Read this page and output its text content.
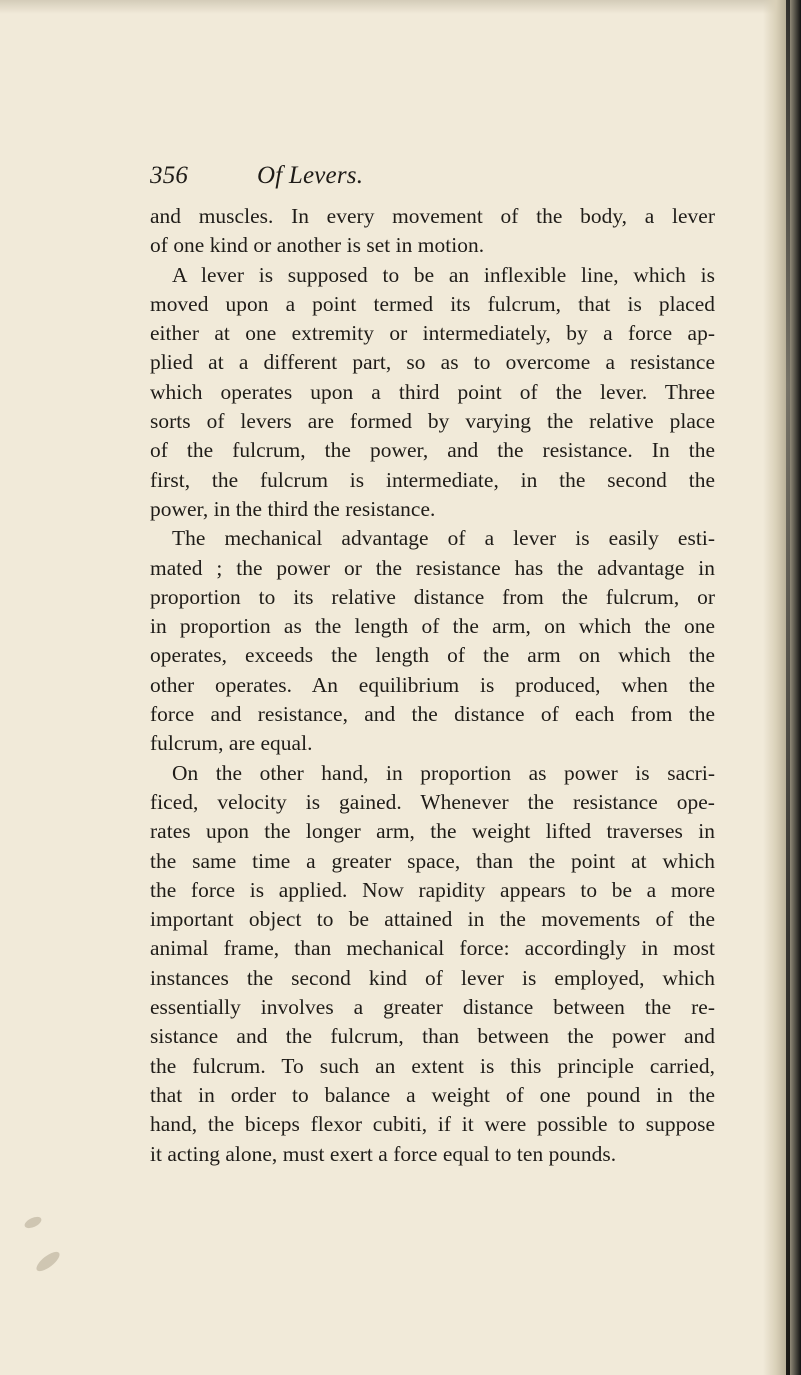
356	Of Levers.
and muscles. In every movement of the body, a lever
of one kind or another is set in motion.
A lever is supposed to be an inflexible line, which is
moved upon a point termed its fulcrum, that is placed
either at one extremity or intermediately, by a force ap-
plied at a different part, so as to overcome a resistance
which operates upon a third point of the lever. Three
sorts of levers are formed by varying the relative place
of the fulcrum, the power, and the resistance. In the
first, the fulcrum is intermediate, in the second the
power, in the third the resistance.
The mechanical advantage of a lever is easily esti-
mated ; the power or the resistance has the advantage in
proportion to its relative distance from the fulcrum, or
in proportion as the length of the arm, on which the one
operates, exceeds the length of the arm on which the
other operates. An equilibrium is produced, when the
force and resistance, and the distance of each from the
fulcrum, are equal.
On the other hand, in proportion as power is sacri-
ficed, velocity is gained. Whenever the resistance ope-
rates upon the longer arm, the weight lifted traverses in
the same time a greater space, than the point at which
the force is applied. Now rapidity appears to be a more
important object to be attained in the movements of the
animal frame, than mechanical force: accordingly in most
instances the second kind of lever is employed, which
essentially involves a greater distance between the re-
sistance and the fulcrum, than between the power and
the fulcrum. To such an extent is this principle carried,
that in order to balance a weight of one pound in the
hand, the biceps flexor cubiti, if it were possible to suppose
it acting alone, must exert a force equal to ten pounds.
